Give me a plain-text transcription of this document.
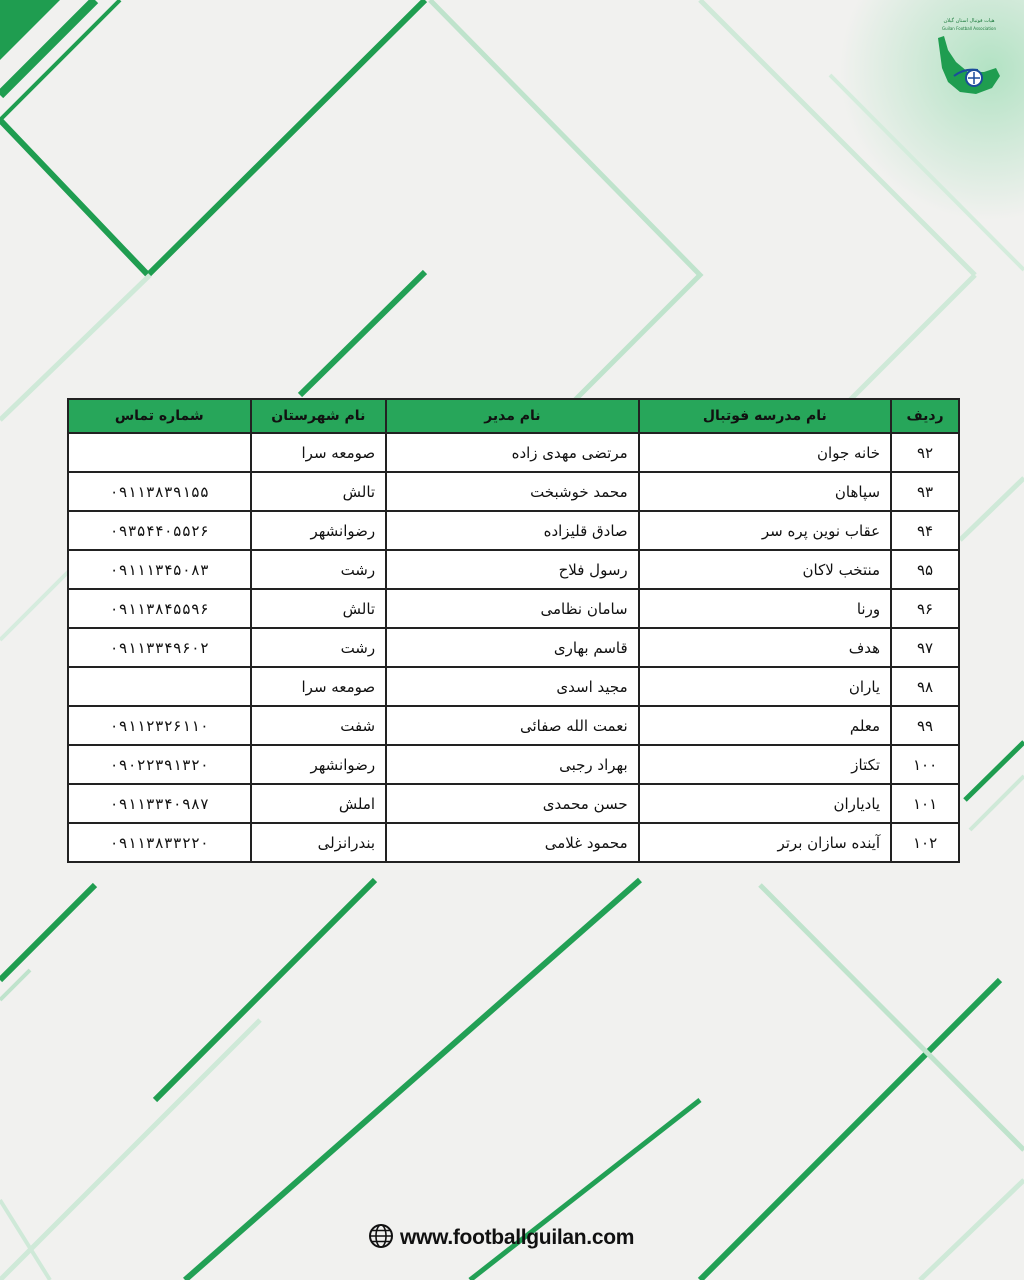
هیات فوتبال استان گیلان
Guilan Football Association
ردیف	نام مدرسه فوتبال	نام مدیر	نام شهرستان	شماره تماس
۹۲	خانه جوان	مرتضی مهدی زاده	صومعه سرا	
۹۳	سپاهان	محمد خوشبخت	تالش	۰۹۱۱۳۸۳۹۱۵۵
۹۴	عقاب نوین پره سر	صادق قلیزاده	رضوانشهر	۰۹۳۵۴۴۰۵۵۲۶
۹۵	منتخب لاکان	رسول فلاح	رشت	۰۹۱۱۱۳۴۵۰۸۳
۹۶	ورنا	سامان نظامی	تالش	۰۹۱۱۳۸۴۵۵۹۶
۹۷	هدف	قاسم بهاری	رشت	۰۹۱۱۳۳۴۹۶۰۲
۹۸	یاران	مجید اسدی	صومعه سرا	
۹۹	معلم	نعمت الله صفائی	شفت	۰۹۱۱۲۳۲۶۱۱۰
۱۰۰	تکتاز	بهراد رجبی	رضوانشهر	۰۹۰۲۲۳۹۱۳۲۰
۱۰۱	یادیاران	حسن محمدی	املش	۰۹۱۱۳۳۴۰۹۸۷
۱۰۲	آینده سازان برتر	محمود غلامی	بندرانزلی	۰۹۱۱۳۸۳۳۲۲۰
www.footballguilan.com
